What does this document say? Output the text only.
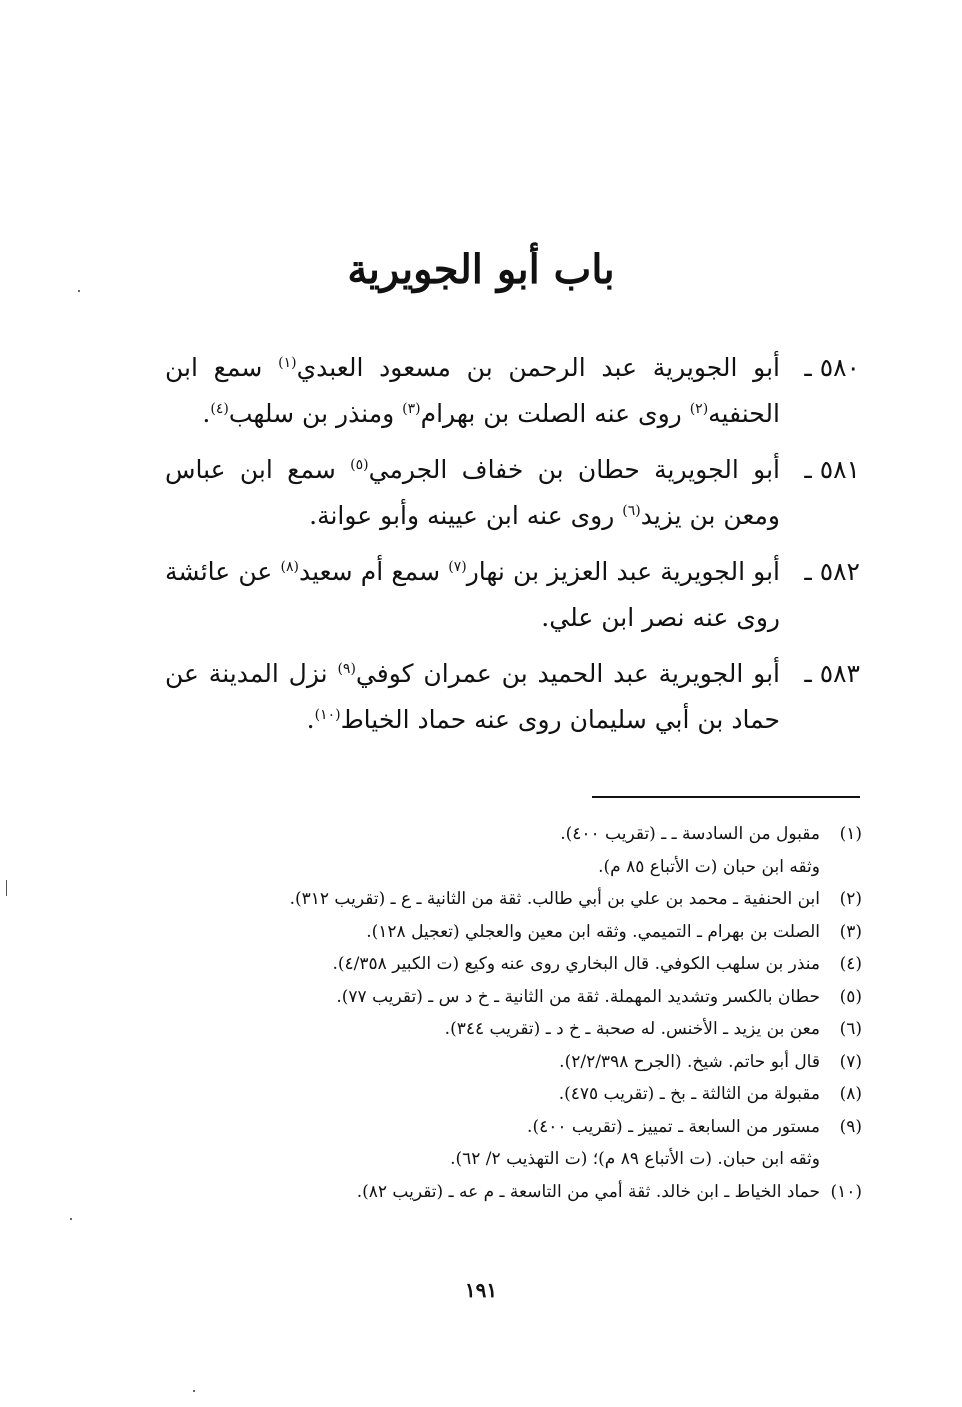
باب أبو الجويرية
٥٨٠ ـ
أبو الجويرية عبد الرحمن بن مسعود العبدي$^{(١)}$ سمع ابن الحنفيه$^{(٢)}$ روى عنه الصلت بن بهرام$^{(٣)}$ ومنذر بن سلهب$^{(٤)}$.
٥٨١ ـ
أبو الجويرية حطان بن خفاف الجرمي$^{(٥)}$ سمع ابن عباس ومعن بن يزيد$^{(٦)}$ روى عنه ابن عيينه وأبو عوانة.
٥٨٢ ـ
أبو الجويرية عبد العزيز بن نهار$^{(٧)}$ سمع أم سعيد$^{(٨)}$ عن عائشة روى عنه نصر ابن علي.
٥٨٣ ـ
أبو الجويرية عبد الحميد بن عمران كوفي$^{(٩)}$ نزل المدينة عن حماد بن أبي سليمان روى عنه حماد الخياط$^{(١٠)}$.
(١)مقبول من السادسة ـ ـ (تقريب ٤٠٠).
وثقه ابن حبان (ت الأتباع ٨٥ م).
(٢)ابن الحنفية ـ محمد بن علي بن أبي طالب. ثقة من الثانية ـ ع ـ (تقريب ٣١٢).
(٣)الصلت بن بهرام ـ التميمي. وثقه ابن معين والعجلي (تعجيل ١٢٨).
(٤)منذر بن سلهب الكوفي. قال البخاري روى عنه وكيع (ت الكبير ٤/٣٥٨).
(٥)حطان بالكسر وتشديد المهملة. ثقة من الثانية ـ خ د س ـ (تقريب ٧٧).
(٦)معن بن يزيد ـ الأخنس. له صحبة ـ خ د ـ (تقريب ٣٤٤).
(٧)قال أبو حاتم. شيخ. (الجرح ٢/٢/٣٩٨).
(٨)مقبولة من الثالثة ـ بخ ـ (تقريب ٤٧٥).
(٩)مستور من السابعة ـ تمييز ـ (تقريب ٤٠٠).
وثقه ابن حبان. (ت الأتباع ٨٩ م)؛ (ت التهذيب ٢/ ٦٢).
(١٠)حماد الخياط ـ ابن خالد. ثقة أمي من التاسعة ـ م عه ـ (تقريب ٨٢).
١٩١
